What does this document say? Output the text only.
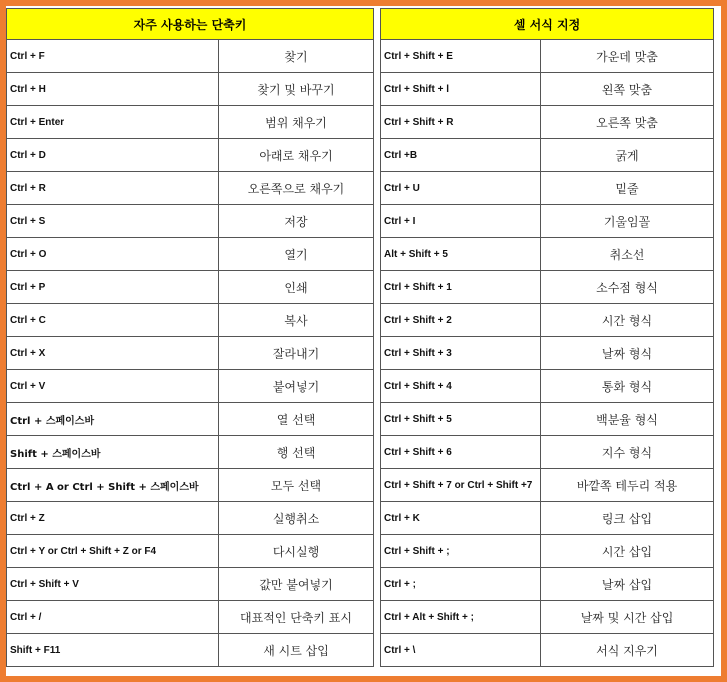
자주 사용하는 단축키	
Ctrl + F	찾기
Ctrl + H	찾기 및 바꾸기
Ctrl + Enter	범위 채우기
Ctrl + D	아래로 채우기
Ctrl + R	오른쪽으로 채우기
Ctrl + S	저장
Ctrl + O	열기
Ctrl + P	인쇄
Ctrl + C	복사
Ctrl + X	잘라내기
Ctrl + V	붙여넣기
Ctrl + 스페이스바	열 선택
Shift + 스페이스바	행 선택
Ctrl + A or Ctrl + Shift + 스페이스바	모두 선택
Ctrl + Z	실행취소
Ctrl + Y or Ctrl + Shift + Z or F4	다시실행
Ctrl + Shift + V	값만 붙여넣기
Ctrl + /	대표적인 단축키 표시
Shift + F11	새 시트 삽입
셀 서식 지정	
Ctrl + Shift + E	가운데 맞춤
Ctrl + Shift + l	왼쪽 맞춤
Ctrl + Shift + R	오른쪽 맞춤
Ctrl +B	굵게
Ctrl + U	밑줄
Ctrl + I	기울임꼴
Alt + Shift + 5	취소선
Ctrl + Shift + 1	소수점 형식
Ctrl + Shift + 2	시간 형식
Ctrl + Shift + 3	날짜 형식
Ctrl + Shift + 4	통화 형식
Ctrl + Shift + 5	백분율 형식
Ctrl + Shift + 6	지수 형식
Ctrl + Shift + 7 or Ctrl + Shift +7	바깥쪽 테두리 적용
Ctrl + K	링크 삽입
Ctrl + Shift + ;	시간 삽입
Ctrl + ;	날짜 삽입
Ctrl + Alt + Shift + ;	날짜 및 시간 삽입
Ctrl + \	서식 지우기
